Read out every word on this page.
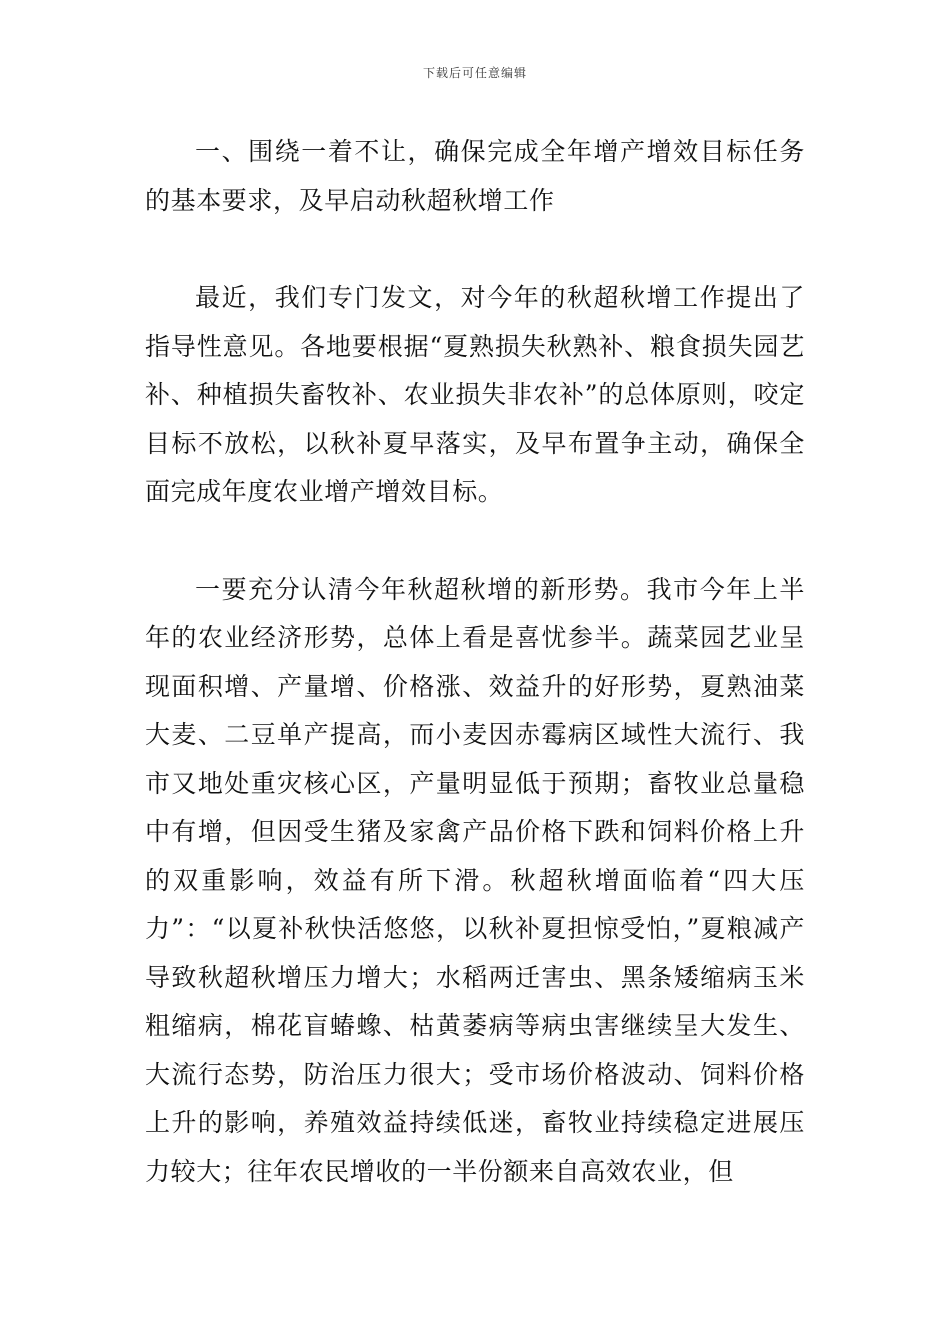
下载后可任意编辑

一、围绕一着不让，确保完成全年增产增效目标任务的基本要求，及早启动秋超秋增工作

最近，我们专门发文，对今年的秋超秋增工作提出了指导性意见。各地要根据“夏熟损失秋熟补、粮食损失园艺补、种植损失畜牧补、农业损失非农补”的总体原则，咬定目标不放松，以秋补夏早落实，及早布置争主动，确保全面完成年度农业增产增效目标。

一要充分认清今年秋超秋增的新形势。我市今年上半年的农业经济形势，总体上看是喜忧参半。蔬菜园艺业呈现面积增、产量增、价格涨、效益升的好形势，夏熟油菜大麦、二豆单产提高，而小麦因赤霉病区域性大流行、我市又地处重灾核心区，产量明显低于预期；畜牧业总量稳中有增，但因受生猪及家禽产品价格下跌和饲料价格上升的双重影响，效益有所下滑。秋超秋增面临着“四大压力”：“以夏补秋快活悠悠，以秋补夏担惊受怕，”夏粮减产导致秋超秋增压力增大；水稻两迁害虫、黑条矮缩病玉米粗缩病，棉花盲蝽蟓、枯黄萎病等病虫害继续呈大发生、大流行态势，防治压力很大；受市场价格波动、饲料价格上升的影响，养殖效益持续低迷，畜牧业持续稳定进展压力较大；往年农民增收的一半份额来自高效农业，但
